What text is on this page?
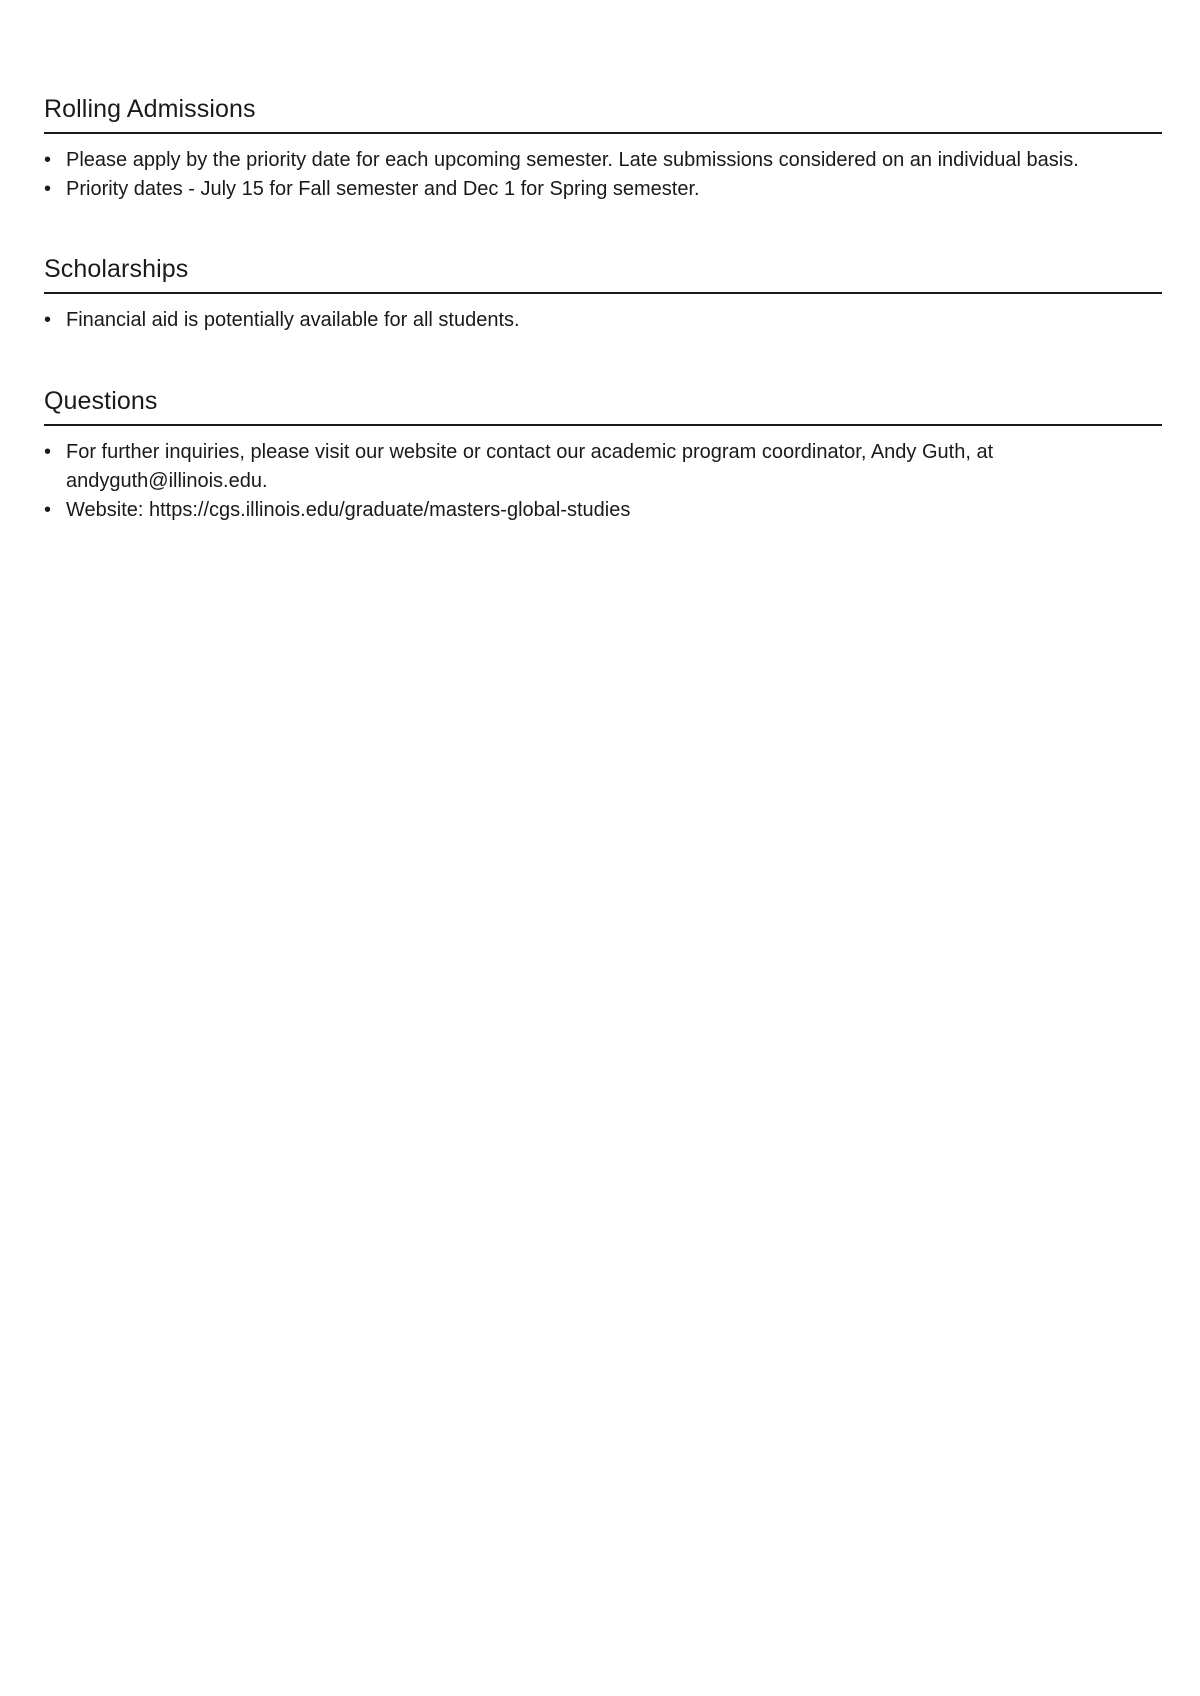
Rolling Admissions
• Please apply by the priority date for each upcoming semester. Late submissions considered on an individual basis.
• Priority dates - July 15 for Fall semester and Dec 1 for Spring semester.
Scholarships
• Financial aid is potentially available for all students.
Questions
• For further inquiries, please visit our website or contact our academic program coordinator, Andy Guth, at andyguth@illinois.edu.
• Website: https://cgs.illinois.edu/graduate/masters-global-studies
